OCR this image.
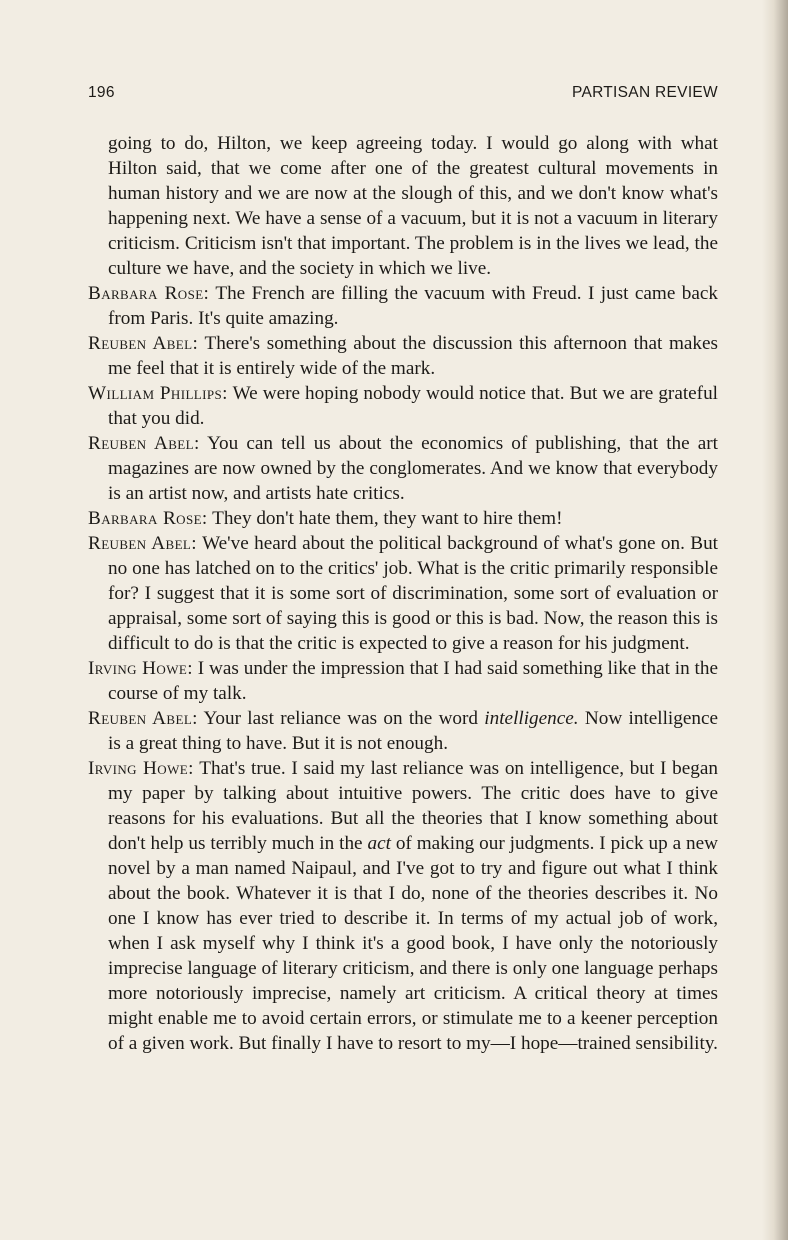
196	PARTISAN REVIEW

going to do, Hilton, we keep agreeing today. I would go along with what Hilton said, that we come after one of the greatest cultural movements in human history and we are now at the slough of this, and we don't know what's happening next. We have a sense of a vacuum, but it is not a vacuum in literary criticism. Criticism isn't that important. The problem is in the lives we lead, the culture we have, and the society in which we live.

Barbara Rose: The French are filling the vacuum with Freud. I just came back from Paris. It's quite amazing.

Reuben Abel: There's something about the discussion this afternoon that makes me feel that it is entirely wide of the mark.

William Phillips: We were hoping nobody would notice that. But we are grateful that you did.

Reuben Abel: You can tell us about the economics of publishing, that the art magazines are now owned by the conglomerates. And we know that everybody is an artist now, and artists hate critics.

Barbara Rose: They don't hate them, they want to hire them!

Reuben Abel: We've heard about the political background of what's gone on. But no one has latched on to the critics' job. What is the critic primarily responsible for? I suggest that it is some sort of discrimination, some sort of evaluation or appraisal, some sort of saying this is good or this is bad. Now, the reason this is difficult to do is that the critic is expected to give a reason for his judgment.

Irving Howe: I was under the impression that I had said something like that in the course of my talk.

Reuben Abel: Your last reliance was on the word intelligence. Now intelligence is a great thing to have. But it is not enough.

Irving Howe: That's true. I said my last reliance was on intelligence, but I began my paper by talking about intuitive powers. The critic does have to give reasons for his evaluations. But all the theories that I know something about don't help us terribly much in the act of making our judgments. I pick up a new novel by a man named Naipaul, and I've got to try and figure out what I think about the book. Whatever it is that I do, none of the theories describes it. No one I know has ever tried to describe it. In terms of my actual job of work, when I ask myself why I think it's a good book, I have only the notoriously imprecise language of literary criticism, and there is only one language perhaps more notoriously imprecise, namely art criticism. A critical theory at times might enable me to avoid certain errors, or stimulate me to a keener perception of a given work. But finally I have to resort to my—I hope—trained sensibility.
